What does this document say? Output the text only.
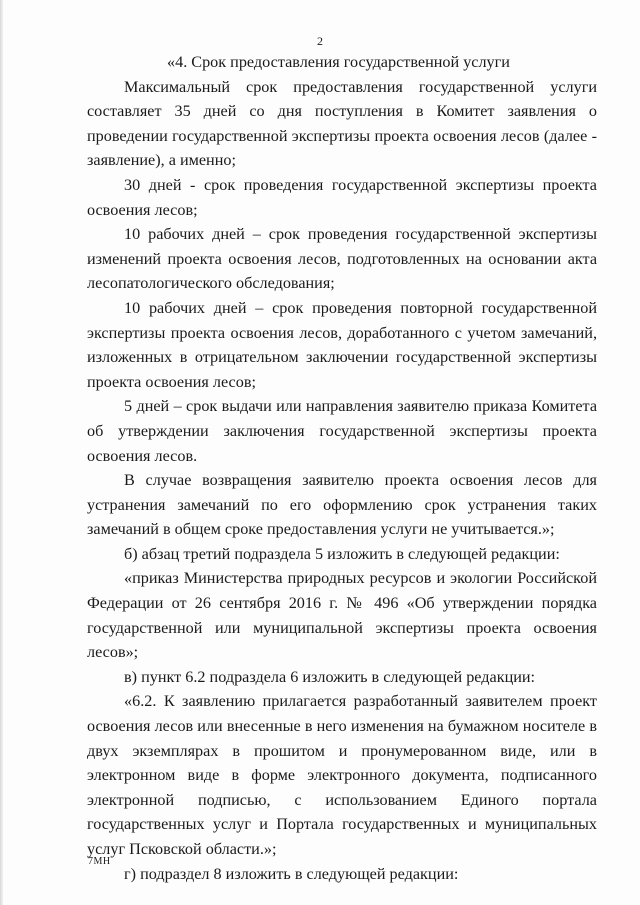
2

«4. Срок предоставления государственной услуги

Максимальный срок предоставления государственной услуги составляет 35 дней со дня поступления в Комитет заявления о проведении государственной экспертизы проекта освоения лесов (далее - заявление), а именно;

30 дней - срок проведения государственной экспертизы проекта освоения лесов;

10 рабочих дней – срок проведения государственной экспертизы изменений проекта освоения лесов, подготовленных на основании акта лесопатологического обследования;

10 рабочих дней – срок проведения повторной государственной экспертизы проекта освоения лесов, доработанного с учетом замечаний, изложенных в отрицательном заключении государственной экспертизы проекта освоения лесов;

5 дней – срок выдачи или направления заявителю приказа Комитета об утверждении заключения государственной экспертизы проекта освоения лесов.

В случае возвращения заявителю проекта освоения лесов для устранения замечаний по его оформлению срок устранения таких замечаний в общем сроке предоставления услуги не учитывается.»;

б) абзац третий подраздела 5 изложить в следующей редакции:

«приказ Министерства природных ресурсов и экологии Российской Федерации от 26 сентября 2016 г. № 496 «Об утверждении порядка государственной или муниципальной экспертизы проекта освоения лесов»;

в) пункт 6.2 подраздела 6 изложить в следующей редакции:

«6.2. К заявлению прилагается разработанный заявителем проект освоения лесов или внесенные в него изменения на бумажном носителе в двух экземплярах в прошитом и пронумерованном виде, или в электронном виде в форме электронного документа, подписанного электронной подписью, с использованием Единого портала государственных услуг и Портала государственных и муниципальных услуг Псковской области.»;

г) подраздел 8 изложить в следующей редакции:

7МН
